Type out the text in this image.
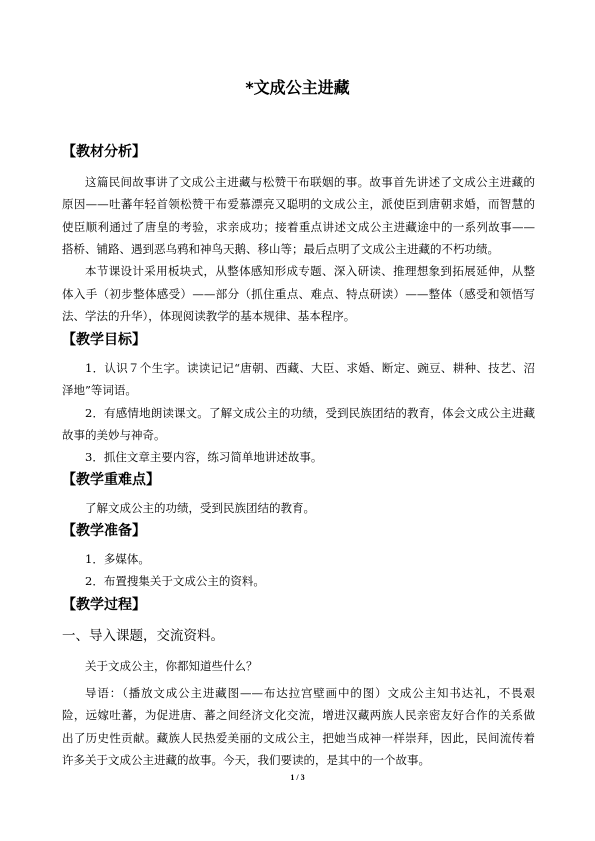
*文成公主进藏
【教材分析】
这篇民间故事讲了文成公主进藏与松赞干布联姻的事。故事首先讲述了文成公主进藏的
原因——吐蕃年轻首领松赞干布爱慕漂亮又聪明的文成公主，派使臣到唐朝求婚，而智慧的
使臣顺利通过了唐皇的考验，求亲成功；接着重点讲述文成公主进藏途中的一系列故事——
搭桥、铺路、遇到恶乌鸦和神鸟天鹅、移山等；最后点明了文成公主进藏的不朽功绩。
本节课设计采用板块式，从整体感知形成专题、深入研读、推理想象到拓展延伸，从整
体入手（初步整体感受）——部分（抓住重点、难点、特点研读）——整体（感受和领悟写
法、学法的升华），体现阅读教学的基本规律、基本程序。
【教学目标】
1．认识７个生字。读读记记“唐朝、西藏、大臣、求婚、断定、豌豆、耕种、技艺、沼
泽地”等词语。
2．有感情地朗读课文。了解文成公主的功绩，受到民族团结的教育，体会文成公主进藏
故事的美妙与神奇。
3．抓住文章主要内容，练习简单地讲述故事。
【教学重难点】
了解文成公主的功绩，受到民族团结的教育。
【教学准备】
1．多媒体。
2．布置搜集关于文成公主的资料。
【教学过程】
一、导入课题，交流资料。
关于文成公主，你都知道些什么？
导语：（播放文成公主进藏图——布达拉宫壁画中的图）文成公主知书达礼，不畏艰
险，远嫁吐蕃，为促进唐、蕃之间经济文化交流，增进汉藏两族人民亲密友好合作的关系做
出了历史性贡献。藏族人民热爱美丽的文成公主，把她当成神一样崇拜，因此，民间流传着
许多关于文成公主进藏的故事。今天，我们要读的，是其中的一个故事。
1 / 3
